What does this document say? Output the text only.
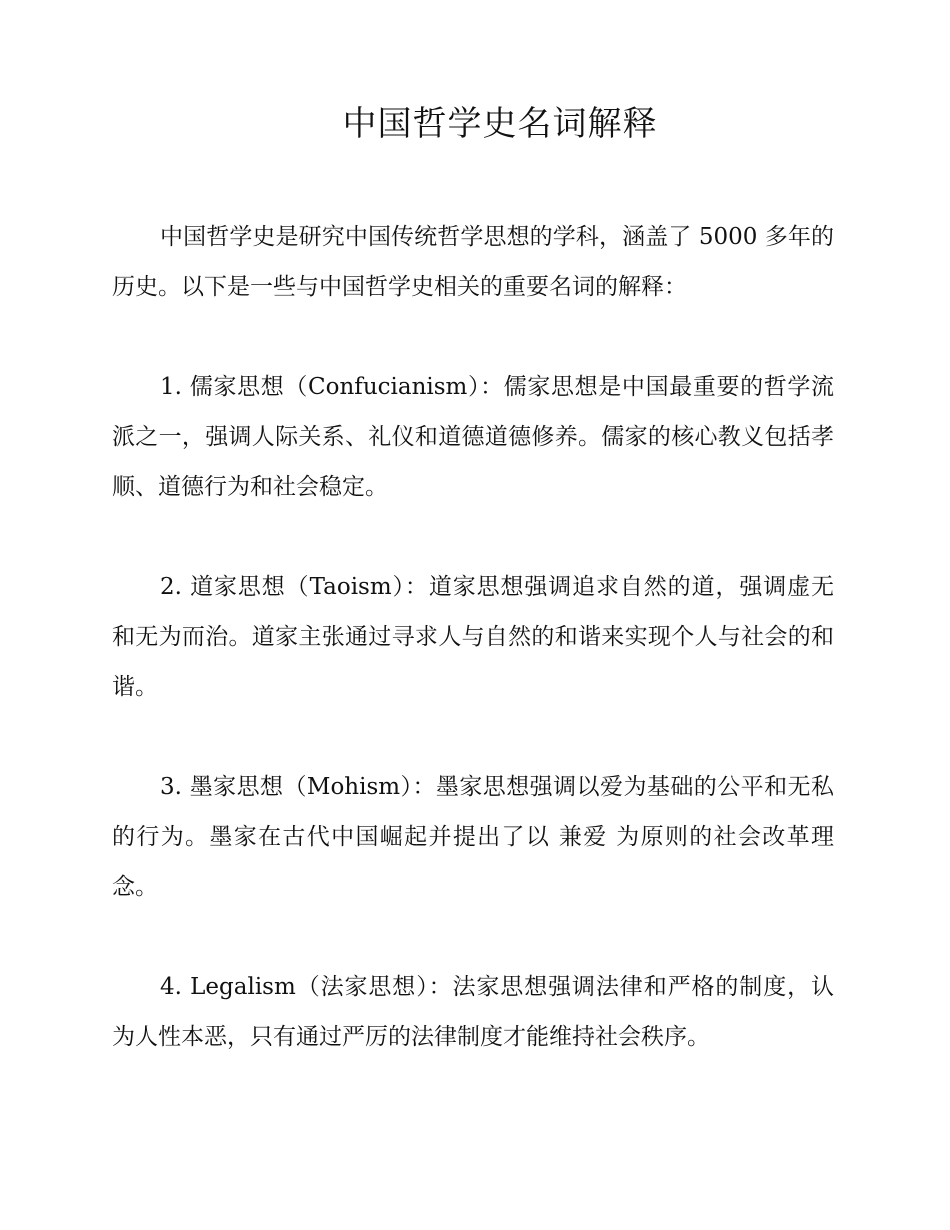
中国哲学史名词解释

中国哲学史是研究中国传统哲学思想的学科，涵盖了 5000 多年的历史。以下是一些与中国哲学史相关的重要名词的解释：

1. 儒家思想（Confucianism）：儒家思想是中国最重要的哲学流派之一，强调人际关系、礼仪和道德道德修养。儒家的核心教义包括孝顺、道德行为和社会稳定。

2. 道家思想（Taoism）：道家思想强调追求自然的道，强调虚无和无为而治。道家主张通过寻求人与自然的和谐来实现个人与社会的和谐。

3. 墨家思想（Mohism）：墨家思想强调以爱为基础的公平和无私的行为。墨家在古代中国崛起并提出了以 兼爱 为原则的社会改革理念。

4. Legalism（法家思想）：法家思想强调法律和严格的制度，认为人性本恶，只有通过严厉的法律制度才能维持社会秩序。
